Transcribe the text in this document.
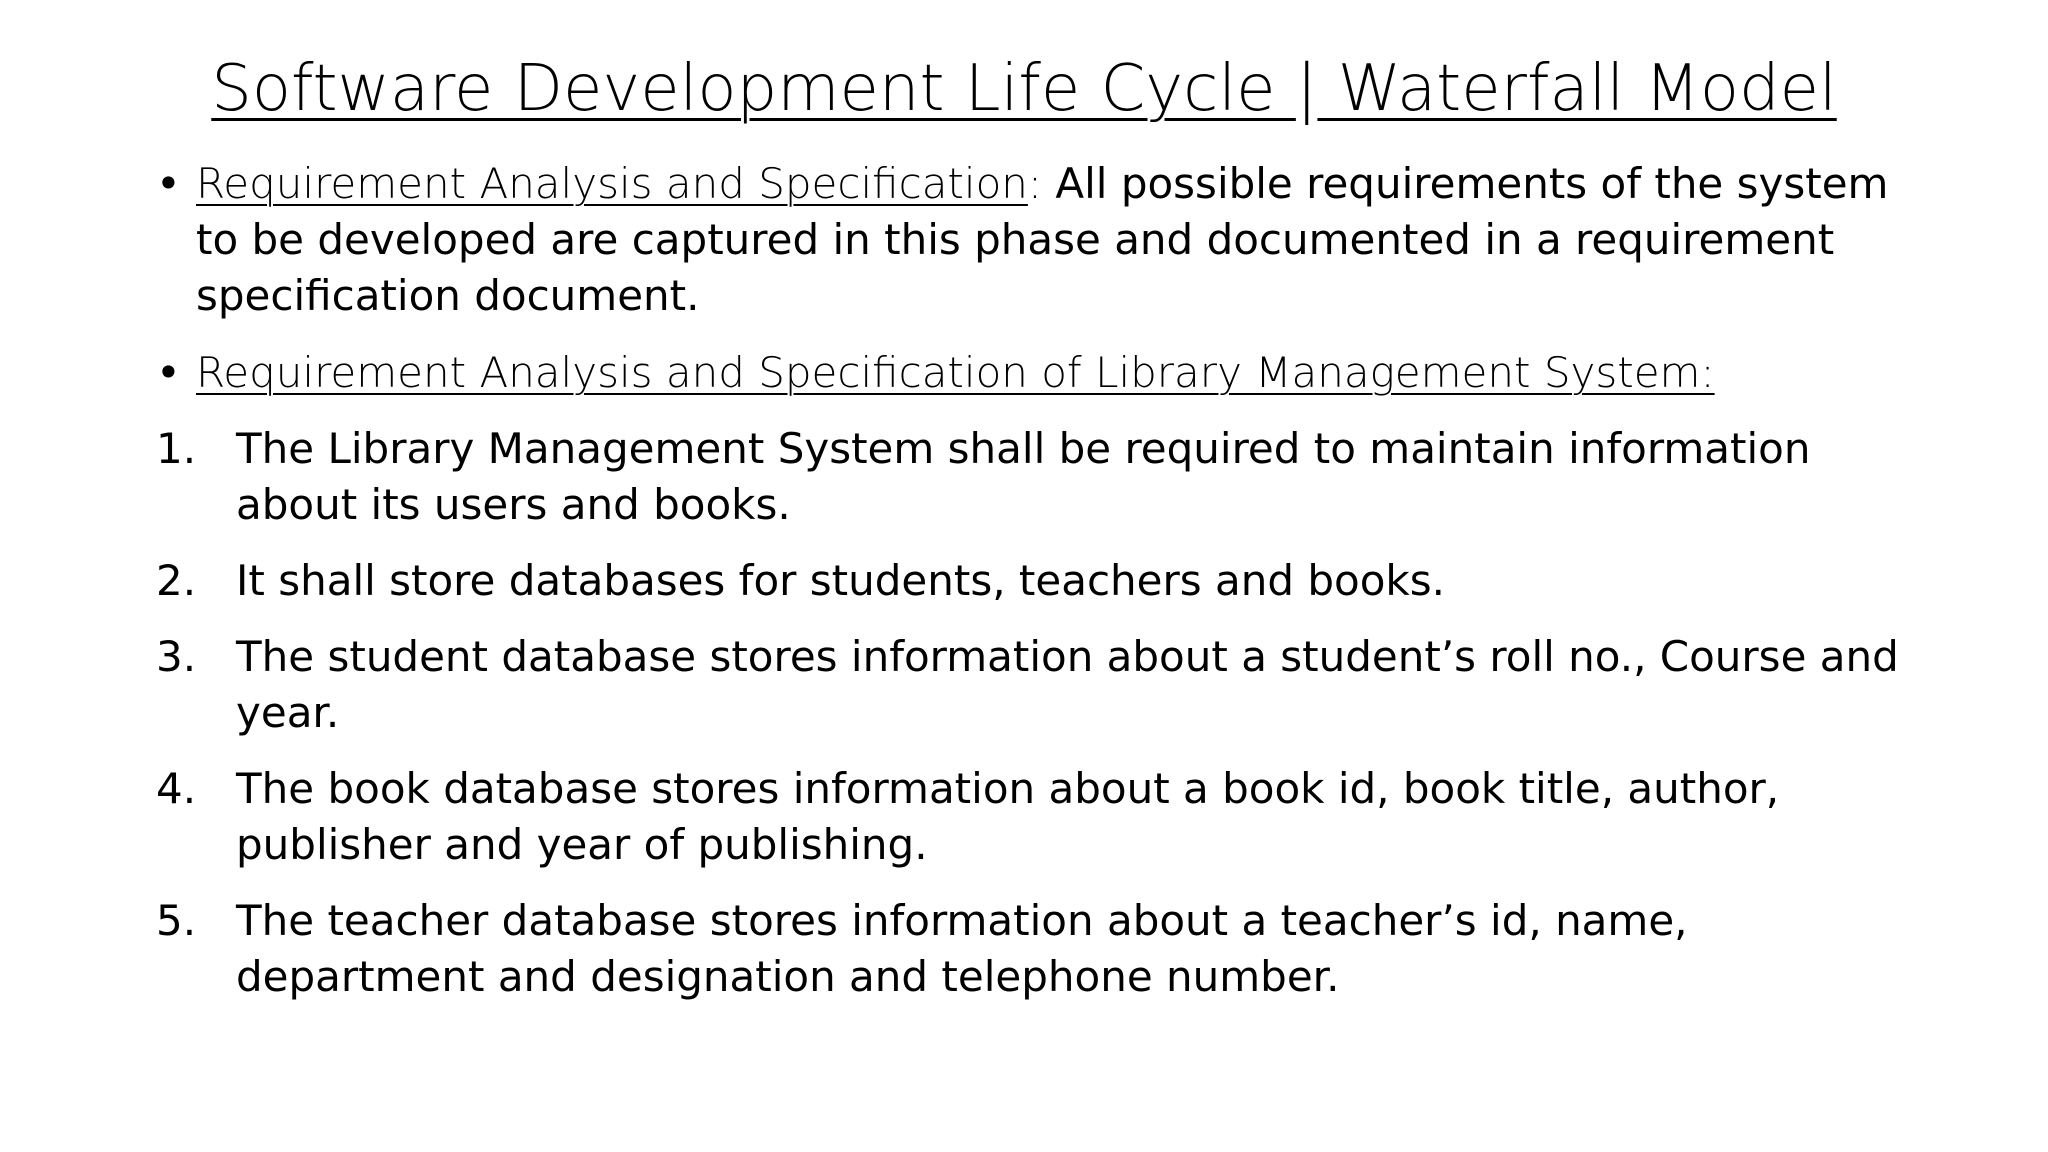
Software Development Life Cycle | Waterfall Model
• Requirement Analysis and Specification: All possible requirements of the system to be developed are captured in this phase and documented in a requirement specification document.
• Requirement Analysis and Specification of Library Management System:
1. The Library Management System shall be required to maintain information about its users and books.
2. It shall store databases for students, teachers and books.
3. The student database stores information about a student’s roll no., Course and year.
4. The book database stores information about a book id, book title, author, publisher and year of publishing.
5. The teacher database stores information about a teacher’s id, name, department and designation and telephone number.
